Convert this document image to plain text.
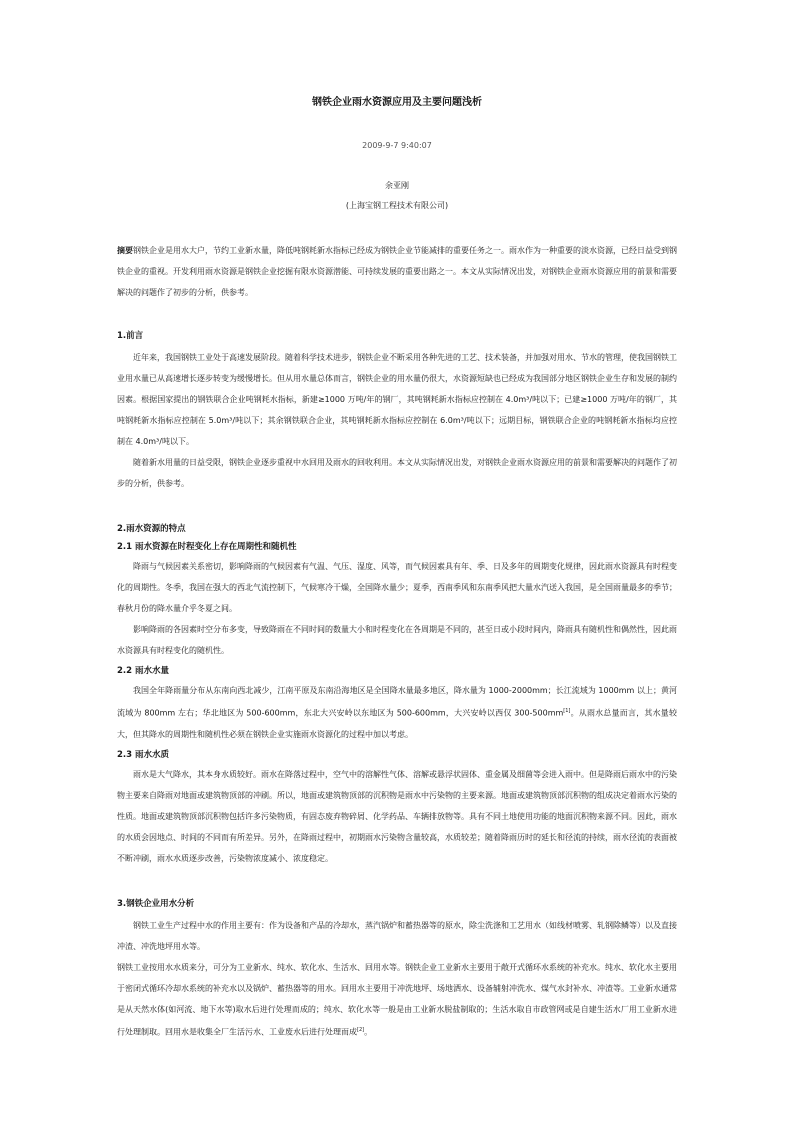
钢铁企业雨水资源应用及主要问题浅析
2009-9-7 9:40:07
余亚刚
(上海宝钢工程技术有限公司)
摘要钢铁企业是用水大户，节约工业新水量，降低吨钢耗新水指标已经成为钢铁企业节能减排的重要任务之一。雨水作为一种重要的淡水资源，已经日益受到钢铁企业的重视。开发利用雨水资源是钢铁企业挖掘有限水资源潜能、可持续发展的重要出路之一。本文从实际情况出发，对钢铁企业雨水资源应用的前景和需要解决的问题作了初步的分析，供参考。
1.前言

近年来，我国钢铁工业处于高速发展阶段。随着科学技术进步，钢铁企业不断采用各种先进的工艺、技术装备，并加强对用水、节水的管理，使我国钢铁工业用水量已从高速增长逐步转变为缓慢增长。但从用水量总体而言，钢铁企业的用水量仍很大，水资源短缺也已经成为我国部分地区钢铁企业生存和发展的制约因素。根据国家提出的钢铁联合企业吨钢耗水指标，新建≥1000 万吨/年的钢厂，其吨钢耗新水指标应控制在 4.0m³/吨以下；已建≥1000 万吨/年的钢厂，其吨钢耗新水指标应控制在 5.0m³/吨以下；其余钢铁联合企业，其吨钢耗新水指标应控制在 6.0m³/吨以下；远期目标，钢铁联合企业的吨钢耗新水指标均应控制在 4.0m³/吨以下。

随着新水用量的日益受限，钢铁企业逐步重视中水回用及雨水的回收利用。本文从实际情况出发，对钢铁企业雨水资源应用的前景和需要解决的问题作了初步的分析，供参考。

2.雨水资源的特点
2.1 雨水资源在时程变化上存在周期性和随机性

降雨与气候因素关系密切，影响降雨的气候因素有气温、气压、湿度、风等，而气候因素具有年、季、日及多年的周期变化规律，因此雨水资源具有时程变化的周期性。冬季，我国在强大的西北气流控制下，气候寒冷干燥，全国降水量少；夏季，西南季风和东南季风把大量水汽送入我国，是全国雨量最多的季节；春秋月份的降水量介乎冬夏之间。

影响降雨的各因素时空分布多变，导致降雨在不同时间的数量大小和时程变化在各周期是不同的，甚至日或小段时间内，降雨具有随机性和偶然性，因此雨水资源具有时程变化的随机性。

2.2 雨水水量

我国全年降雨量分布从东南向西北减少，江南平原及东南沿海地区是全国降水量最多地区，降水量为 1000-2000mm；长江流域为 1000mm 以上；黄河流域为 800mm 左右；华北地区为 500-600mm，东北大兴安岭以东地区为 500-600mm，大兴安岭以西仅 300-500mm[1]。从雨水总量而言，其水量较大，但其降水的周期性和随机性必须在钢铁企业实施雨水资源化的过程中加以考虑。

2.3 雨水水质

雨水是大气降水，其本身水质较好。雨水在降落过程中，空气中的溶解性气体、溶解或悬浮状固体、重金属及细菌等会进入雨中。但是降雨后雨水中的污染物主要来自降雨对地面或建筑物顶部的冲刷。所以，地面或建筑物顶部的沉积物是雨水中污染物的主要来源。地面或建筑物顶部沉积物的组成决定着雨水污染的性质。地面或建筑物顶部沉积物包括许多污染物质，有固态废弃物碎屑、化学药品、车辆排放物等。具有不同土地使用功能的地面沉积物来源不同。因此，雨水的水质会因地点、时间的不同而有所差异。另外，在降雨过程中，初期雨水污染物含量较高，水质较差；随着降雨历时的延长和径流的持续，雨水径流的表面被不断冲刷，雨水水质逐步改善，污染物浓度减小、浓度稳定。

3.钢铁企业用水分析

钢铁工业生产过程中水的作用主要有：作为设备和产品的冷却水，蒸汽锅炉和蓄热器等的原水，除尘洗涤和工艺用水（如线材喷雾、轧钢除鳞等）以及直接冲渣、冲洗地坪用水等。

钢铁工业按用水水质来分，可分为工业新水、纯水、软化水、生活水、回用水等。钢铁企业工业新水主要用于敞开式循环水系统的补充水。纯水、软化水主要用于密闭式循环冷却水系统的补充水以及锅炉、蓄热器等的用水。回用水主要用于冲洗地坪、场地洒水、设备辅射冲洗水、煤气水封补水、冲渣等。工业新水通常是从天然水体(如河流、地下水等)取水后进行处理而成的；纯水、软化水等一般是由工业新水脱盐制取的；生活水取自市政管网或是自建生活水厂用工业新水进行处理制取。回用水是收集全厂生活污水、工业废水后进行处理而成[2]。
